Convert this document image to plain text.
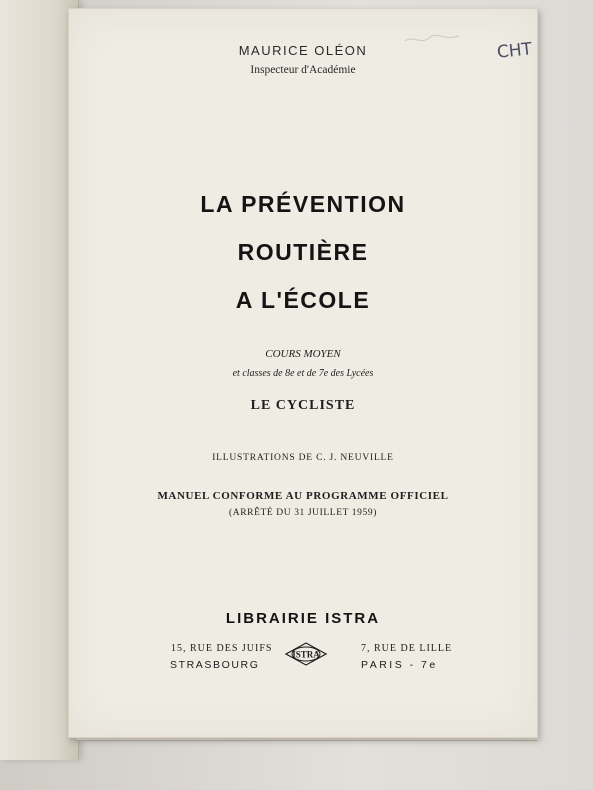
CHT
MAURICE OLÉON
Inspecteur d'Académie
LA PRÉVENTION
ROUTIÈRE
A L'ÉCOLE
COURS MOYEN
et classes de 8e et de 7e des Lycées
LE CYCLISTE
ILLUSTRATIONS DE C. J. NEUVILLE
MANUEL CONFORME AU PROGRAMME OFFICIEL
(ARRÊTÉ DU 31 JUILLET 1959)
LIBRAIRIE ISTRA
15, RUE DES JUIFS
STRASBOURG
ISTRA
7, RUE DE LILLE
PARIS - 7e
